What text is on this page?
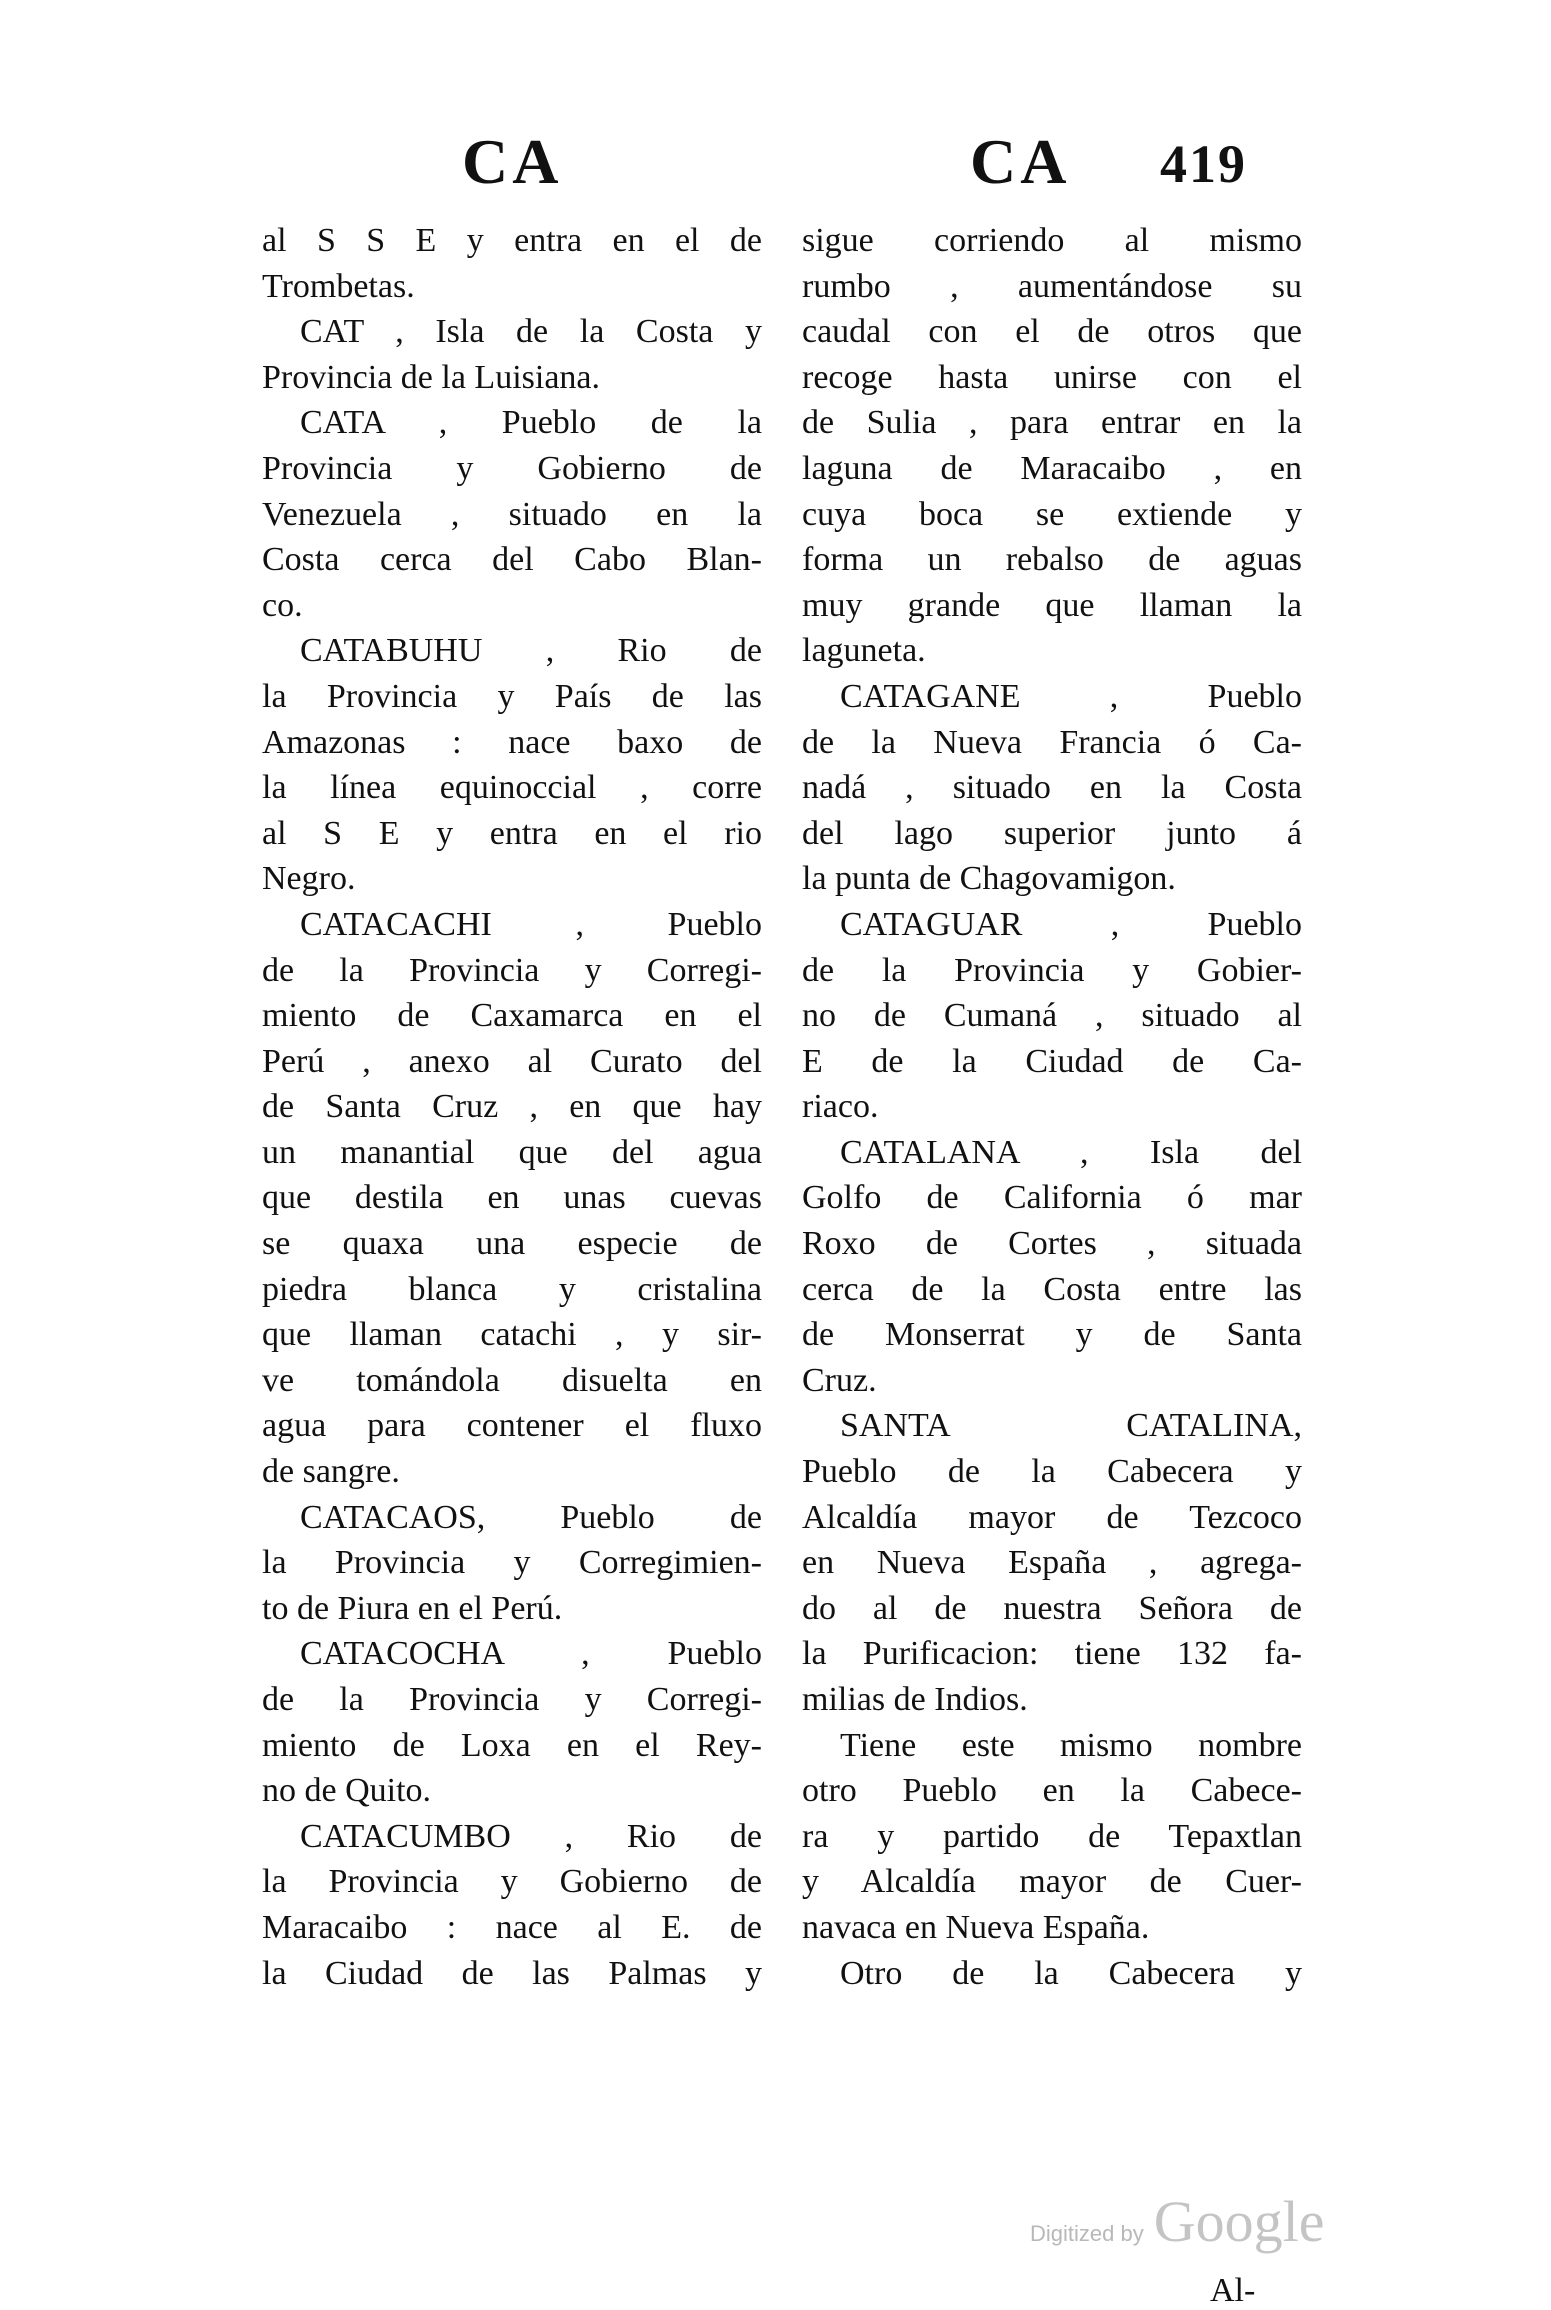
CA	CA 419
al S S E y entra en el de
Trombetas.
CAT , Isla de la Costa y
Provincia de la Luisiana.
CATA , Pueblo de la
Provincia y Gobierno de
Venezuela , situado en la
Costa cerca del Cabo Blan-
co.
CATABUHU , Rio de
la Provincia y País de las
Amazonas : nace baxo de
la línea equinoccial , corre
al S E y entra en el rio
Negro.
CATACACHI , Pueblo
de la Provincia y Corregi-
miento de Caxamarca en el
Perú , anexo al Curato del
de Santa Cruz , en que hay
un manantial que del agua
que destila en unas cuevas
se quaxa una especie de
piedra blanca y cristalina
que llaman catachi , y sir-
ve tomándola disuelta en
agua para contener el fluxo
de sangre.
CATACAOS, Pueblo de
la Provincia y Corregimien-
to de Piura en el Perú.
CATACOCHA , Pueblo
de la Provincia y Corregi-
miento de Loxa en el Rey-
no de Quito.
CATACUMBO , Rio de
la Provincia y Gobierno de
Maracaibo : nace al E. de
la Ciudad de las Palmas y
sigue corriendo al mismo
rumbo , aumentándose su
caudal con el de otros que
recoge hasta unirse con el
de Sulia , para entrar en la
laguna de Maracaibo , en
cuya boca se extiende y
forma un rebalso de aguas
muy grande que llaman la
laguneta.
CATAGANE , Pueblo
de la Nueva Francia ó Ca-
nadá , situado en la Costa
del lago superior junto á
la punta de Chagovamigon.
CATAGUAR , Pueblo
de la Provincia y Gobier-
no de Cumaná , situado al
E de la Ciudad de Ca-
riaco.
CATALANA , Isla del
Golfo de California ó mar
Roxo de Cortes , situada
cerca de la Costa entre las
de Monserrat y de Santa
Cruz.
SANTA CATALINA,
Pueblo de la Cabecera y
Alcaldía mayor de Tezcoco
en Nueva España , agrega-
do al de nuestra Señora de
la Purificacion: tiene 132 fa-
milias de Indios.
Tiene este mismo nombre
otro Pueblo en la Cabece-
ra y partido de Tepaxtlan
y Alcaldía mayor de Cuer-
navaca en Nueva España.
Otro de la Cabecera y
Al-
Digitized by Google
